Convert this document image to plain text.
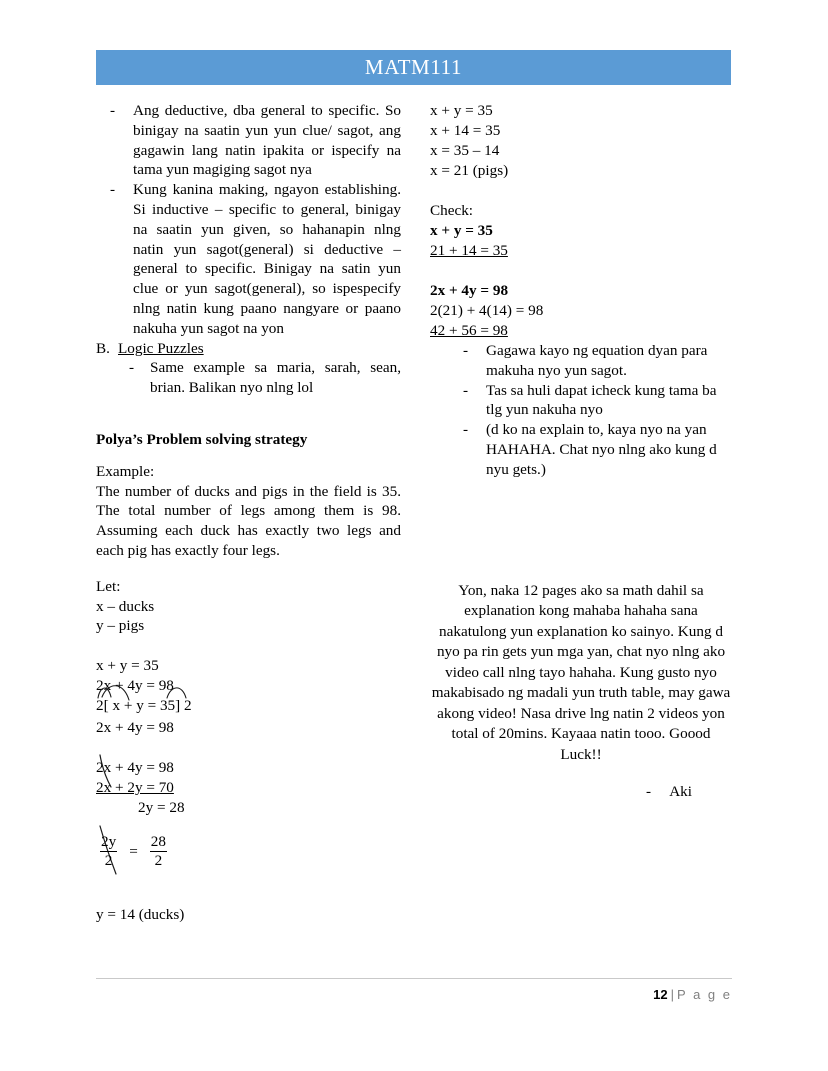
MATM111
- Ang deductive, dba general to specific. So binigay na saatin yun yun clue/ sagot, ang gagawin lang natin ipakita or ispecify na tama yun magiging sagot nya
- Kung kanina making, ngayon establishing. Si inductive – specific to general, binigay na saatin yun given, so hahanapin nlng natin yun sagot(general) si deductive – general to specific. Binigay na satin yun clue or yun sagot(general), so ispespecify nlng natin kung paano nangyare or paano nakuha yun sagot na yon
B. Logic Puzzles
- Same example sa maria, sarah, sean, brian. Balikan nyo nlng lol

Polya’s Problem solving strategy

Example:

The number of ducks and pigs in the field is 35. The total number of legs among them is 98. Assuming each duck has exactly two legs and each pig has exactly four legs.

Let:

x – ducks

y – pigs

x + y = 35
2x + 4y = 98
2[ x + y = 35] 2
2x + 4y = 98
2x + 4y = 98
2x + 2y = 70
2y = 28
$\frac{2y}{2} = \frac{28}{2}$
y = 14 (ducks)
x + y = 35
x + 14 = 35
x = 35 – 14
x = 21 (pigs)
Check:
x + y = 35
21 + 14 = 35
2x + 4y = 98
2(21) + 4(14) = 98
42 + 56 = 98
- Gagawa kayo ng equation dyan para makuha nyo yun sagot.
- Tas sa huli dapat icheck kung tama ba tlg yun nakuha nyo
- (d ko na explain to, kaya nyo na yan HAHAHA. Chat nyo nlng ako kung d nyu gets.)

Yon, naka 12 pages ako sa math dahil sa explanation kong mahaba hahaha sana nakatulong yun explanation ko sainyo. Kung d nyo pa rin gets yun mga yan, chat nyo nlng ako video call nlng tayo hahaha. Kung gusto nyo makabisado ng madali yun truth table, may gawa akong video! Nasa drive lng natin 2 videos yon total of 20mins. Kayaaa natin tooo. Goood Luck!!

-     Aki
12 | P a g e
